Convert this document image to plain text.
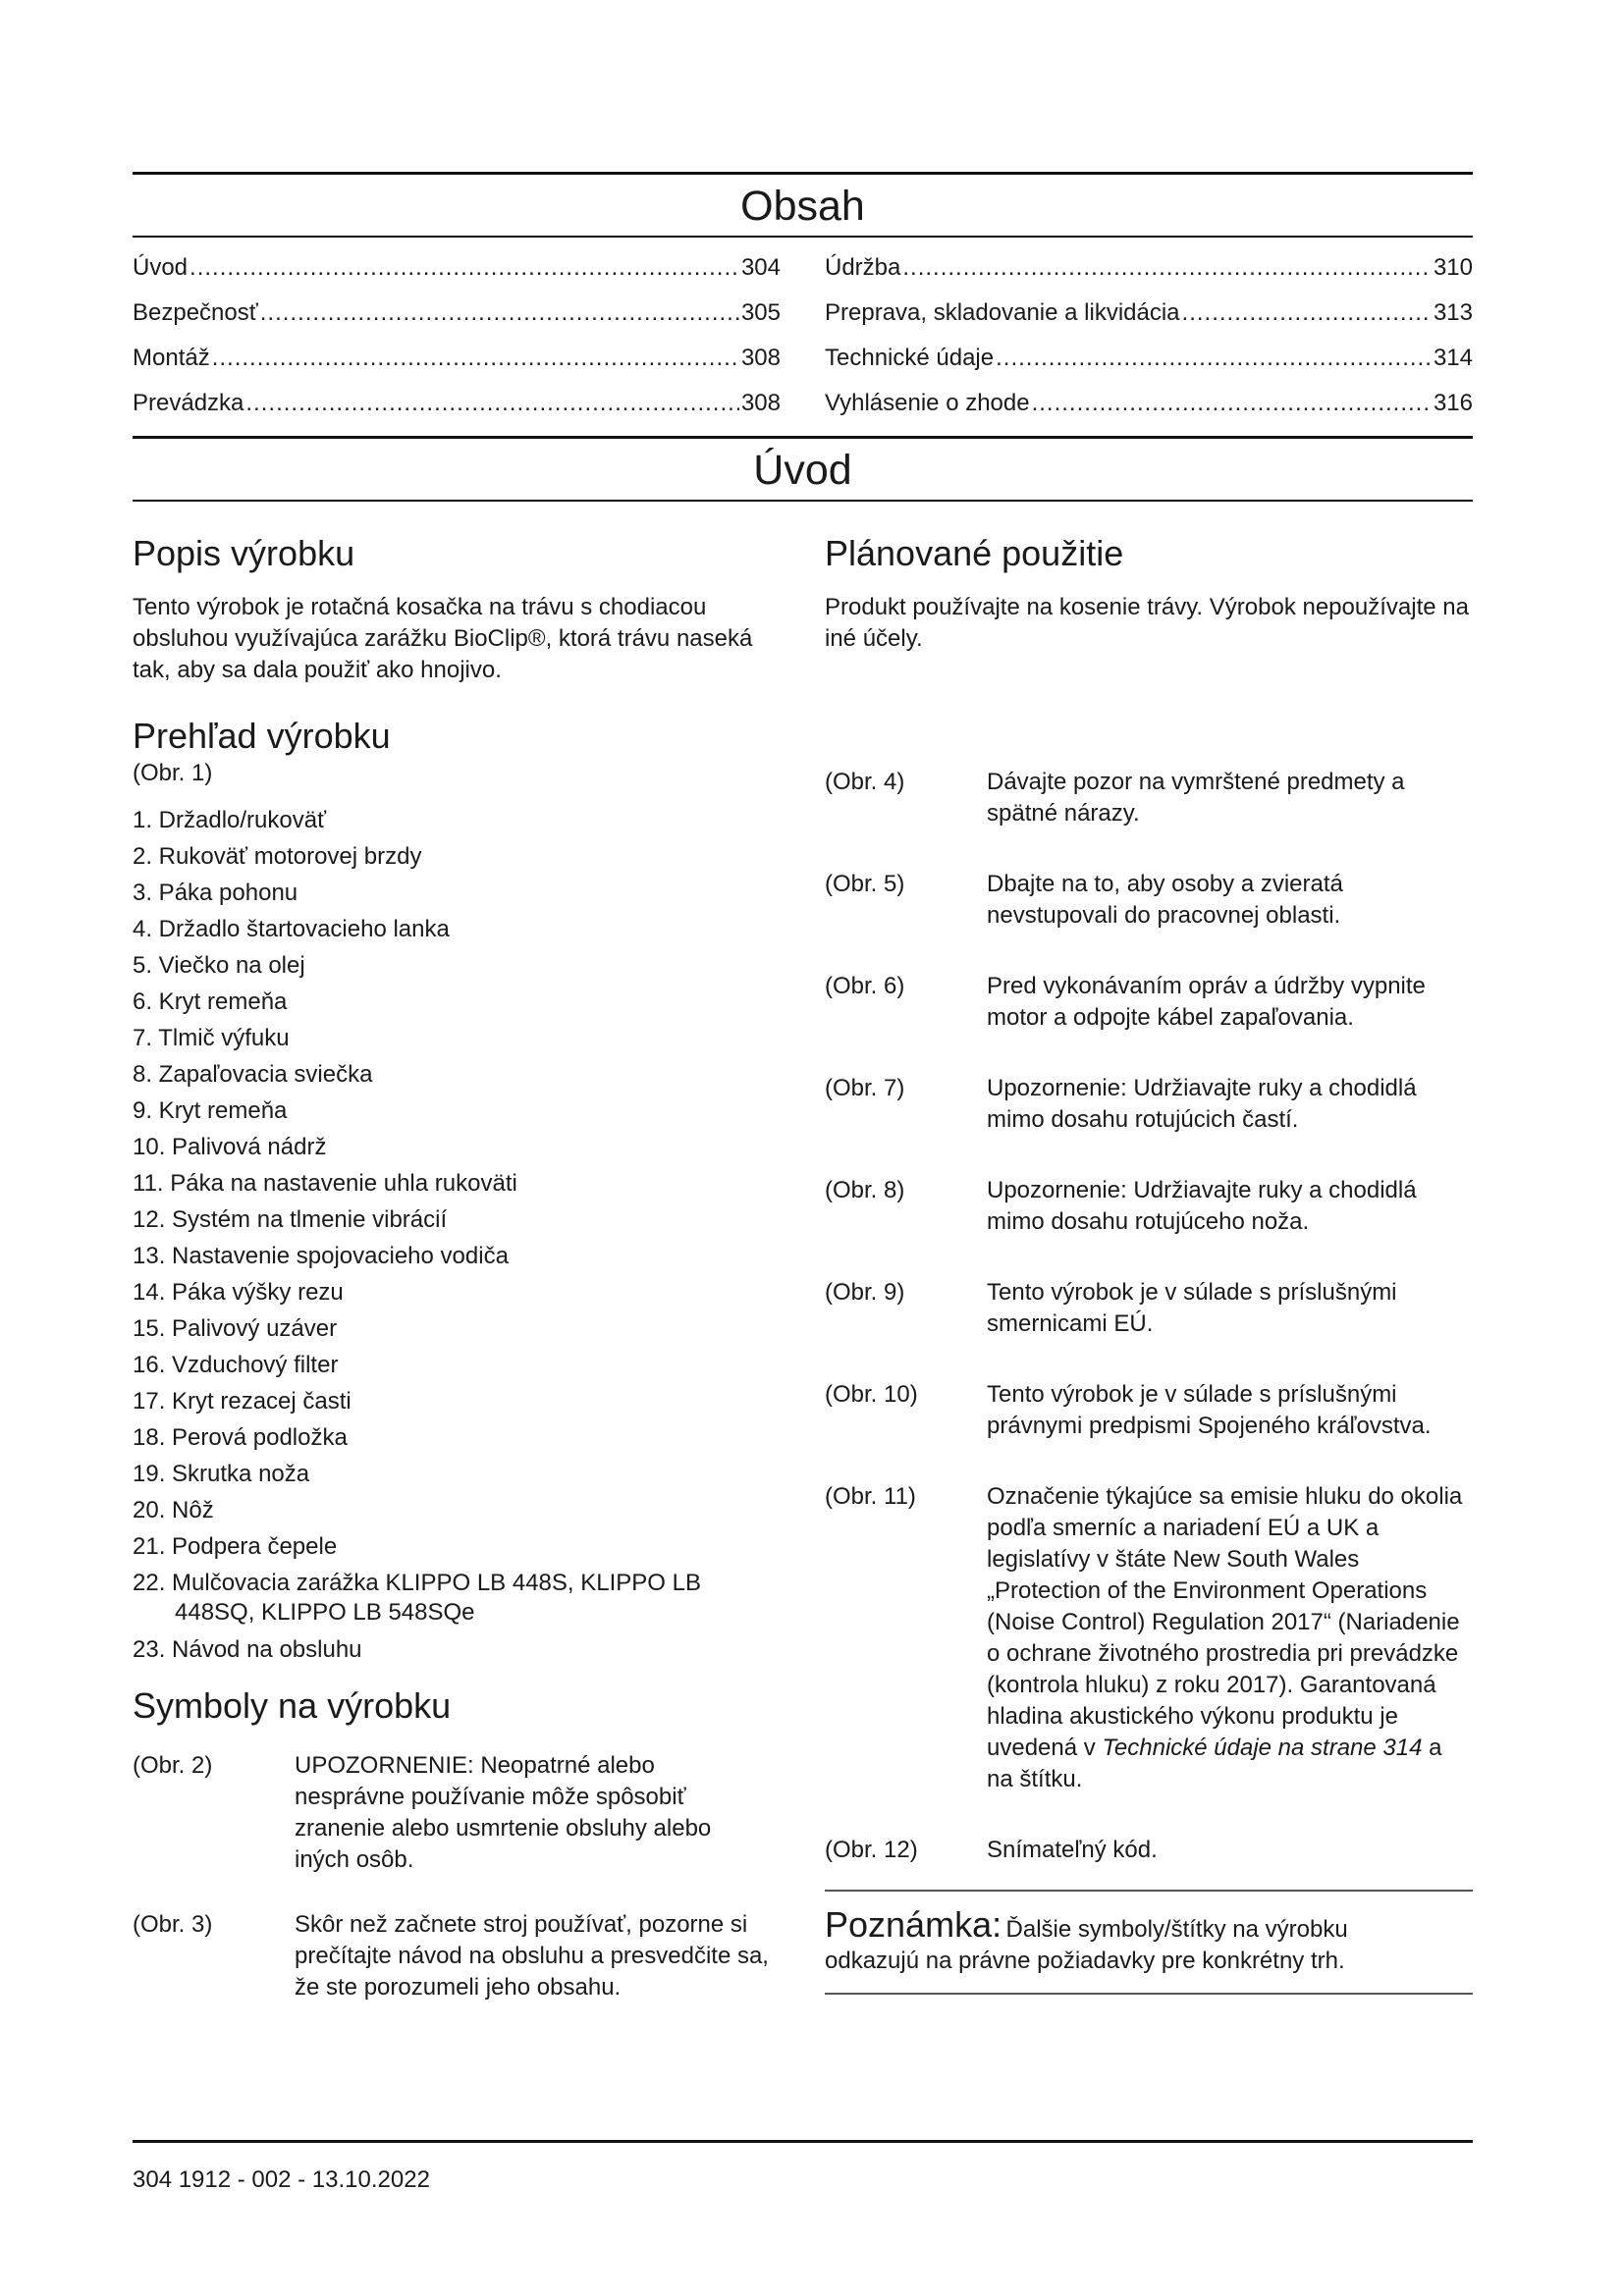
Obsah
Úvod .....	304
Bezpečnosť .....	305
Montáž .....	308
Prevádzka .....	308
Údržba .....	310
Preprava, skladovanie a likvidácia .....	313
Technické údaje .....	314
Vyhlásenie o zhode .....	316
Úvod
Popis výrobku

Tento výrobok je rotačná kosačka na trávu s chodiacou obsluhou využívajúca zarážku BioClip®, ktorá trávu naseká tak, aby sa dala použiť ako hnojivo.

Prehľad výrobku
(Obr. 1)
1. Držadlo/rukoväť
2. Rukoväť motorovej brzdy
3. Páka pohonu
4. Držadlo štartovacieho lanka
5. Viečko na olej
6. Kryt remeňa
7. Tlmič výfuku
8. Zapaľovacia sviečka
9. Kryt remeňa
10. Palivová nádrž
11. Páka na nastavenie uhla rukoväti
12. Systém na tlmenie vibrácií
13. Nastavenie spojovacieho vodiča
14. Páka výšky rezu
15. Palivový uzáver
16. Vzduchový filter
17. Kryt rezacej časti
18. Perová podložka
19. Skrutka noža
20. Nôž
21. Podpera čepele
22. Mulčovacia zarážka KLIPPO LB 448S, KLIPPO LB
448SQ, KLIPPO LB 548SQe
23. Návod na obsluhu
Symboly na výrobku
(Obr. 2)	UPOZORNENIE: Neopatrné alebo nesprávne používanie môže spôsobiť zranenie alebo usmrtenie obsluhy alebo iných osôb.
(Obr. 3)	Skôr než začnete stroj používať, pozorne si prečítajte návod na obsluhu a presvedčite sa, že ste porozumeli jeho obsahu.
Plánované použitie

Produkt používajte na kosenie trávy. Výrobok nepoužívajte na iné účely.

(Obr. 4)	Dávajte pozor na vymrštené predmety a spätné nárazy.
(Obr. 5)	Dbajte na to, aby osoby a zvieratá nevstupovali do pracovnej oblasti.
(Obr. 6)	Pred vykonávaním opráv a údržby vypnite motor a odpojte kábel zapaľovania.
(Obr. 7)	Upozornenie: Udržiavajte ruky a chodidlá mimo dosahu rotujúcich častí.
(Obr. 8)	Upozornenie: Udržiavajte ruky a chodidlá mimo dosahu rotujúceho noža.
(Obr. 9)	Tento výrobok je v súlade s príslušnými smernicami EÚ.
(Obr. 10)	Tento výrobok je v súlade s príslušnými právnymi predpismi Spojeného kráľovstva.
(Obr. 11)	Označenie týkajúce sa emisie hluku do okolia podľa smerníc a nariadení EÚ a UK a legislatívy v štáte New South Wales „Protection of the Environment Operations (Noise Control) Regulation 2017“ (Nariadenie o ochrane životného prostredia pri prevádzke (kontrola hluku) z roku 2017). Garantovaná hladina akustického výkonu produktu je uvedená v Technické údaje na strane 314 a na štítku.
(Obr. 12)	Snímateľný kód.
Poznámka: Ďalšie symboly/štítky na výrobku
odkazujú na právne požiadavky pre konkrétny trh.
304 1912 - 002 - 13.10.2022
